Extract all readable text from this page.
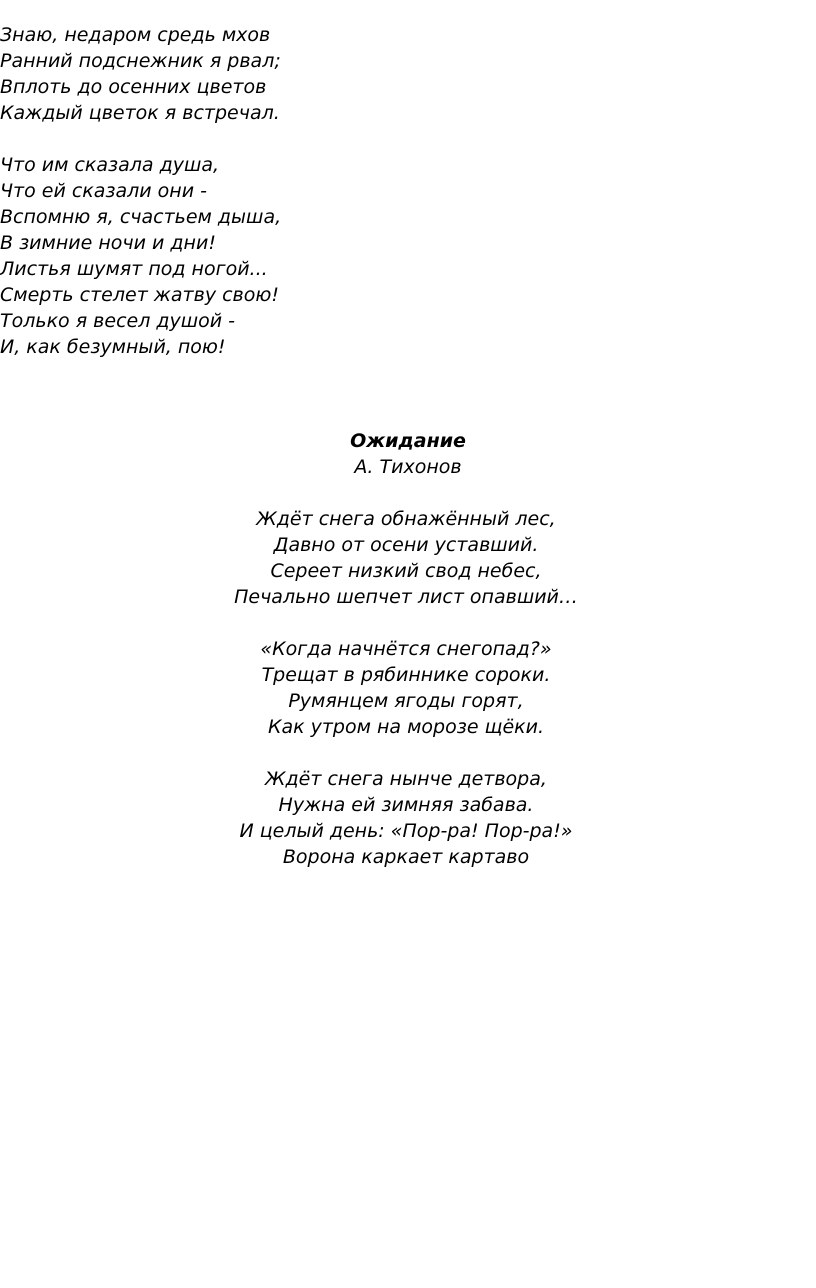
Знаю, недаром средь мхов

Ранний подснежник я рвал;

Вплоть до осенних цветов

Каждый цветок я встречал.

Что им сказала душа,

Что ей сказали они -

Вспомню я, счастьем дыша,

В зимние ночи и дни!

Листья шумят под ногой...

Смерть стелет жатву свою!

Только я весел душой -

И, как безумный, пою!

Ожидание

А. Тихонов

Ждёт снега обнажённый лес,

Давно от осени уставший.

Сереет низкий свод небес,

Печально шепчет лист опавший…

«Когда начнётся снегопад?»

Трещат в рябиннике сороки.

Румянцем ягоды горят,

Как утром на морозе щёки.

Ждёт снега нынче детвора,

Нужна ей зимняя забава.

И целый день: «Пор-ра! Пор-ра!»

Ворона каркает картаво
